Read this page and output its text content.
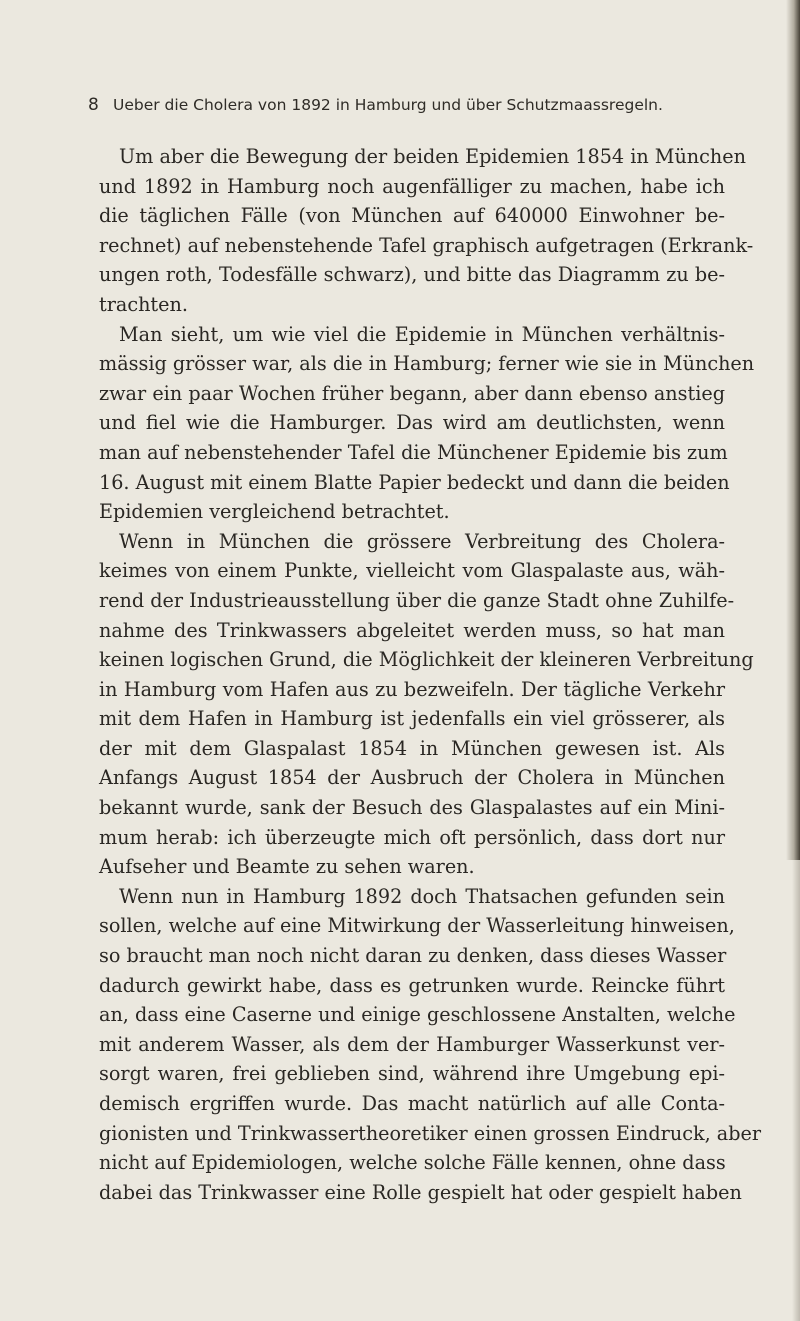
8 Ueber die Cholera von 1892 in Hamburg und über Schutzmaassregeln.

Um aber die Bewegung der beiden Epidemien 1854 in München
und 1892 in Hamburg noch augenfälliger zu machen, habe ich
die täglichen Fälle (von München auf 640000 Einwohner be-
rechnet) auf nebenstehende Tafel graphisch aufgetragen (Erkrank-
ungen roth, Todesfälle schwarz), und bitte das Diagramm zu be-
trachten.

Man sieht, um wie viel die Epidemie in München verhältnis-
mässig grösser war, als die in Hamburg; ferner wie sie in München
zwar ein paar Wochen früher begann, aber dann ebenso anstieg
und fiel wie die Hamburger. Das wird am deutlichsten, wenn
man auf nebenstehender Tafel die Münchener Epidemie bis zum
16. August mit einem Blatte Papier bedeckt und dann die beiden
Epidemien vergleichend betrachtet.

Wenn in München die grössere Verbreitung des Cholera-
keimes von einem Punkte, vielleicht vom Glaspalaste aus, wäh-
rend der Industrieausstellung über die ganze Stadt ohne Zuhilfe-
nahme des Trinkwassers abgeleitet werden muss, so hat man
keinen logischen Grund, die Möglichkeit der kleineren Verbreitung
in Hamburg vom Hafen aus zu bezweifeln. Der tägliche Verkehr
mit dem Hafen in Hamburg ist jedenfalls ein viel grösserer, als
der mit dem Glaspalast 1854 in München gewesen ist. Als
Anfangs August 1854 der Ausbruch der Cholera in München
bekannt wurde, sank der Besuch des Glaspalastes auf ein Mini-
mum herab: ich überzeugte mich oft persönlich, dass dort nur
Aufseher und Beamte zu sehen waren.

Wenn nun in Hamburg 1892 doch Thatsachen gefunden sein
sollen, welche auf eine Mitwirkung der Wasserleitung hinweisen,
so braucht man noch nicht daran zu denken, dass dieses Wasser
dadurch gewirkt habe, dass es getrunken wurde. Reincke führt
an, dass eine Caserne und einige geschlossene Anstalten, welche
mit anderem Wasser, als dem der Hamburger Wasserkunst ver-
sorgt waren, frei geblieben sind, während ihre Umgebung epi-
demisch ergriffen wurde. Das macht natürlich auf alle Conta-
gionisten und Trinkwassertheoretiker einen grossen Eindruck, aber
nicht auf Epidemiologen, welche solche Fälle kennen, ohne dass
dabei das Trinkwasser eine Rolle gespielt hat oder gespielt haben
